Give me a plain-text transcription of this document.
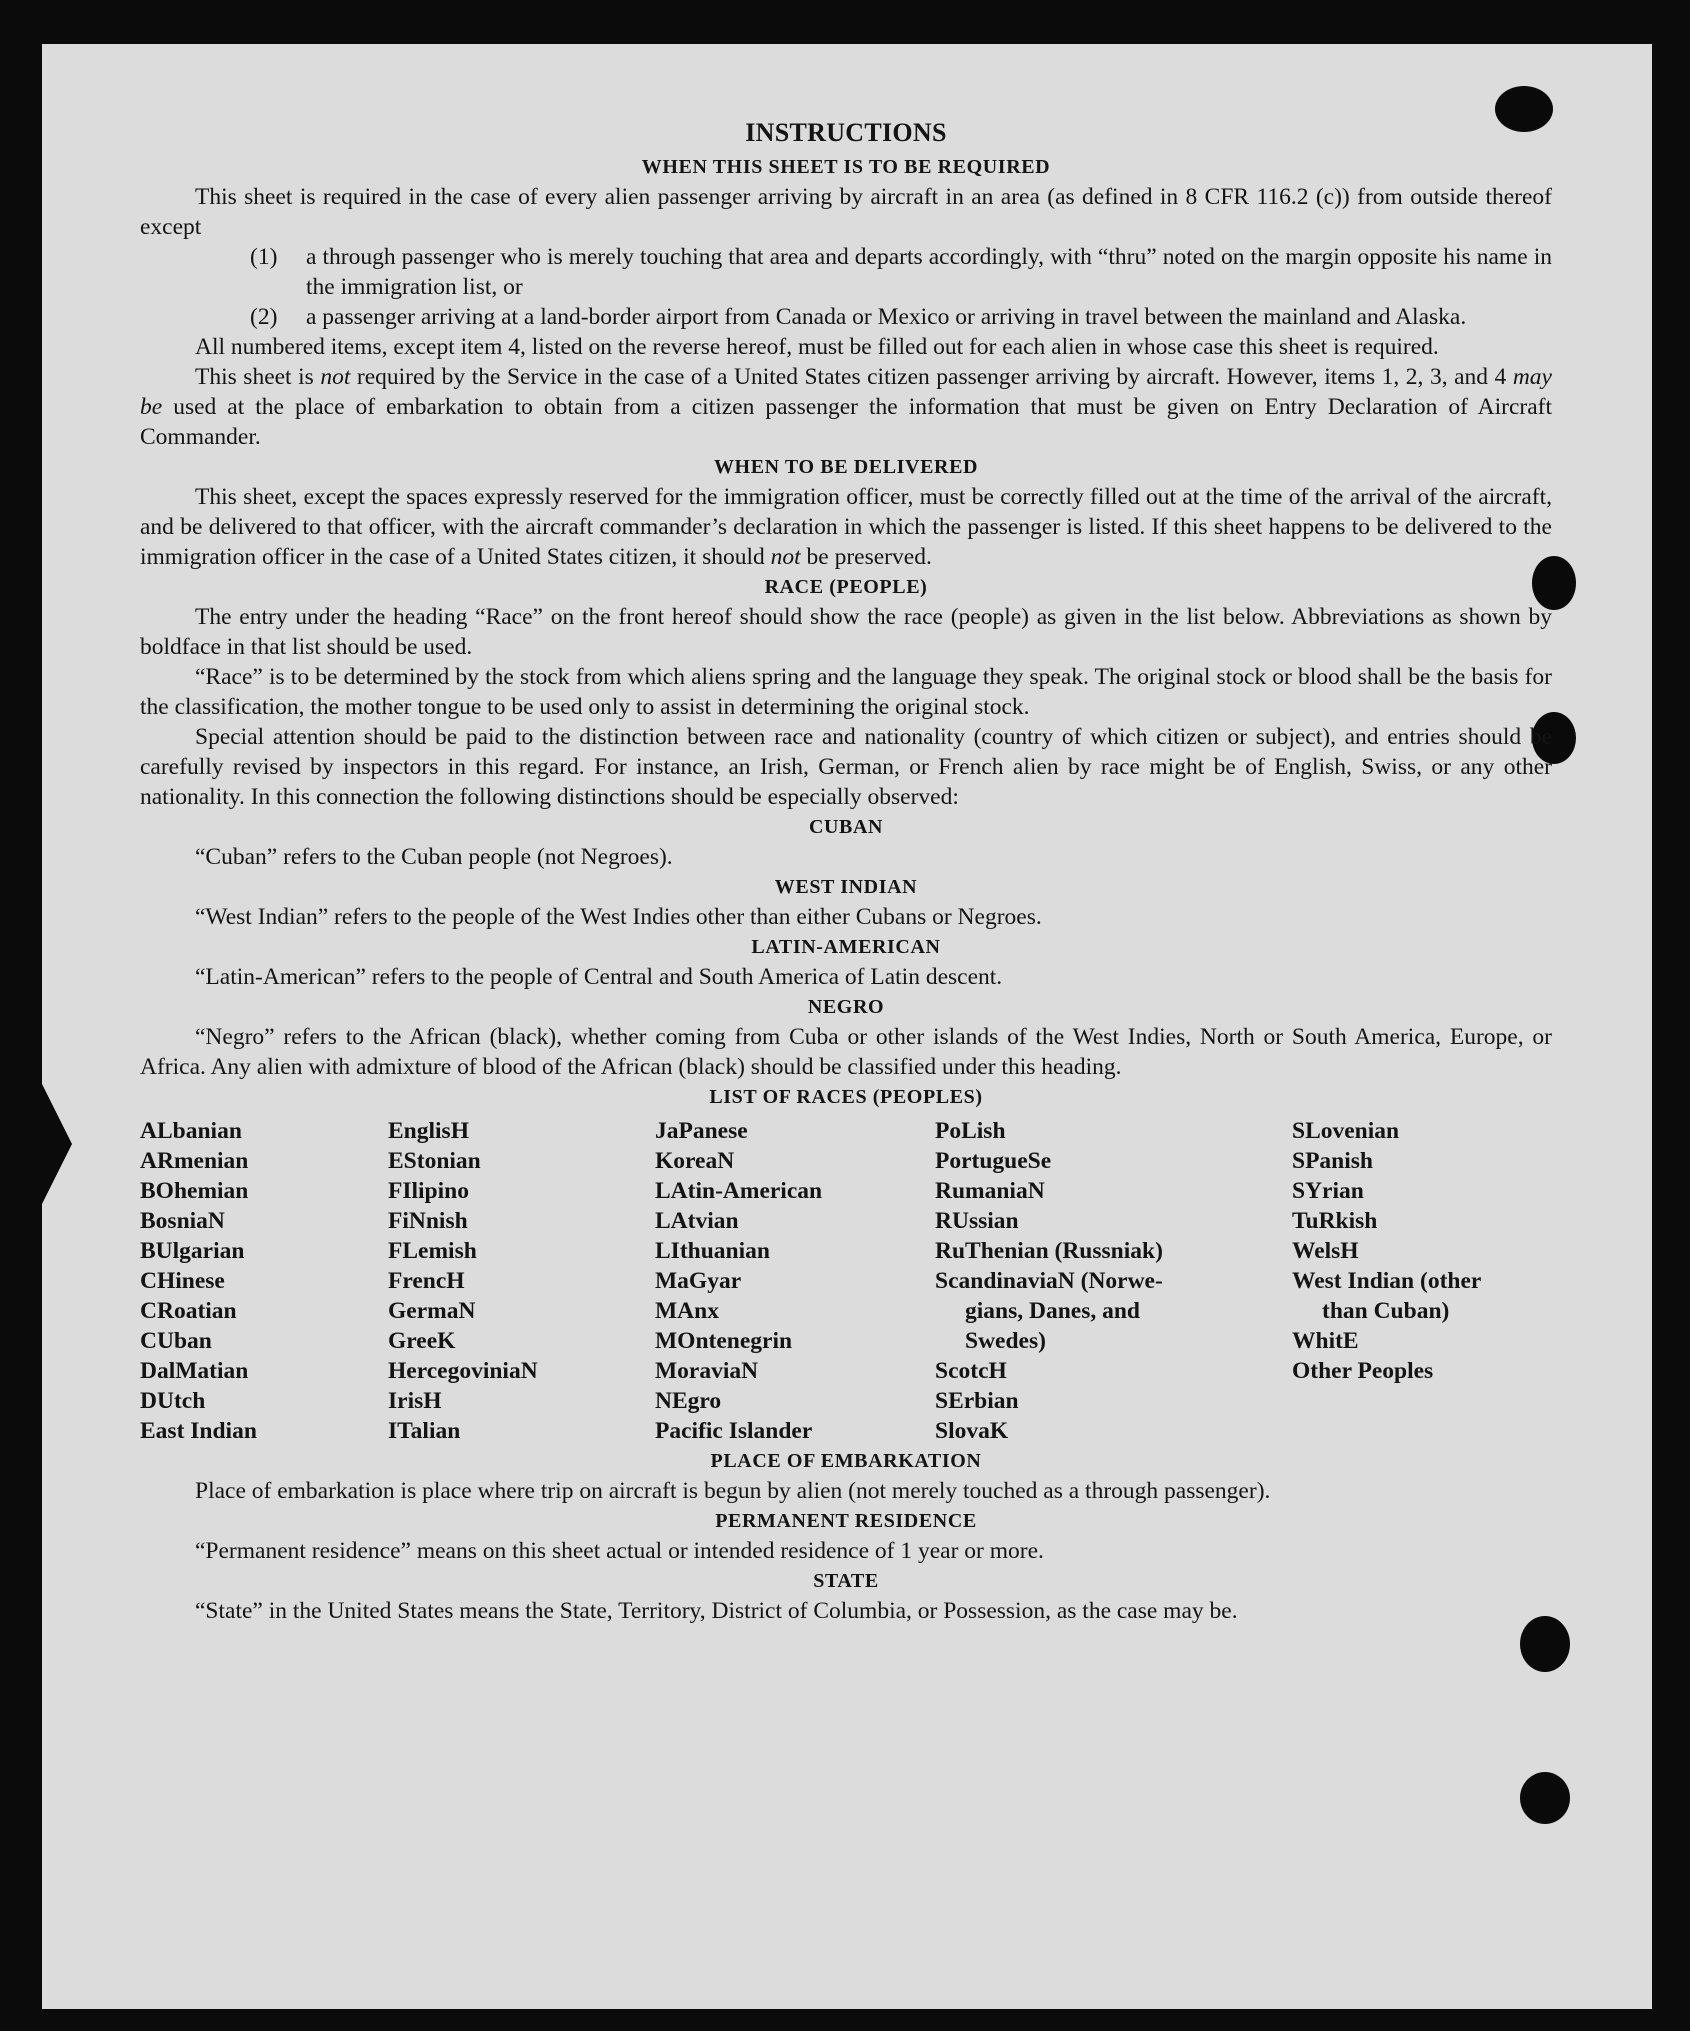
INSTRUCTIONS
WHEN THIS SHEET IS TO BE REQUIRED

This sheet is required in the case of every alien passenger arriving by aircraft in an area (as defined in 8 CFR 116.2 (c)) from outside thereof except

(1)	a through passenger who is merely touching that area and departs accordingly, with “thru” noted on the margin opposite his name in the immigration list, or
(2)	a passenger arriving at a land-border airport from Canada or Mexico or arriving in travel between the mainland and Alaska.

All numbered items, except item 4, listed on the reverse hereof, must be filled out for each alien in whose case this sheet is required.

This sheet is not required by the Service in the case of a United States citizen passenger arriving by aircraft. However, items 1, 2, 3, and 4 may be used at the place of embarkation to obtain from a citizen passenger the information that must be given on Entry Declaration of Aircraft Commander.

WHEN TO BE DELIVERED

This sheet, except the spaces expressly reserved for the immigration officer, must be correctly filled out at the time of the arrival of the aircraft, and be delivered to that officer, with the aircraft commander’s declaration in which the passenger is listed. If this sheet happens to be delivered to the immigration officer in the case of a United States citizen, it should not be preserved.

RACE (PEOPLE)

The entry under the heading “Race” on the front hereof should show the race (people) as given in the list below. Abbreviations as shown by boldface in that list should be used.

“Race” is to be determined by the stock from which aliens spring and the language they speak. The original stock or blood shall be the basis for the classification, the mother tongue to be used only to assist in determining the original stock.

Special attention should be paid to the distinction between race and nationality (country of which citizen or subject), and entries should be carefully revised by inspectors in this regard. For instance, an Irish, German, or French alien by race might be of English, Swiss, or any other nationality. In this connection the following distinctions should be especially observed:

CUBAN

“Cuban” refers to the Cuban people (not Negroes).

WEST INDIAN

“West Indian” refers to the people of the West Indies other than either Cubans or Negroes.

LATIN-AMERICAN

“Latin-American” refers to the people of Central and South America of Latin descent.

NEGRO

“Negro” refers to the African (black), whether coming from Cuba or other islands of the West Indies, North or South America, Europe, or Africa. Any alien with admixture of blood of the African (black) should be classified under this heading.

LIST OF RACES (PEOPLES)
ALbanian
ARmenian
BOhemian
BosniaN
BUlgarian
CHinese
CRoatian
CUban
DalMatian
DUtch
East Indian
EnglisH
EStonian
FIlipino
FiNnish
FLemish
FrencH
GermaN
GreeK
HercegoviniaN
IrisH
ITalian
JaPanese
KoreaN
LAtin-American
LAtvian
LIthuanian
MaGyar
MAnx
MOntenegrin
MoraviaN
NEgro
Pacific Islander
PoLish
PortugueSe
RumaniaN
RUssian
RuThenian (Russniak)
ScandinaviaN (Norwe-
gians, Danes, and
Swedes)
ScotcH
SErbian
SlovaK
SLovenian
SPanish
SYrian
TuRkish
WelsH
West Indian (other
than Cuban)
WhitE
Other Peoples
PLACE OF EMBARKATION

Place of embarkation is place where trip on aircraft is begun by alien (not merely touched as a through passenger).

PERMANENT RESIDENCE

“Permanent residence” means on this sheet actual or intended residence of 1 year or more.

STATE

“State” in the United States means the State, Territory, District of Columbia, or Possession, as the case may be.
